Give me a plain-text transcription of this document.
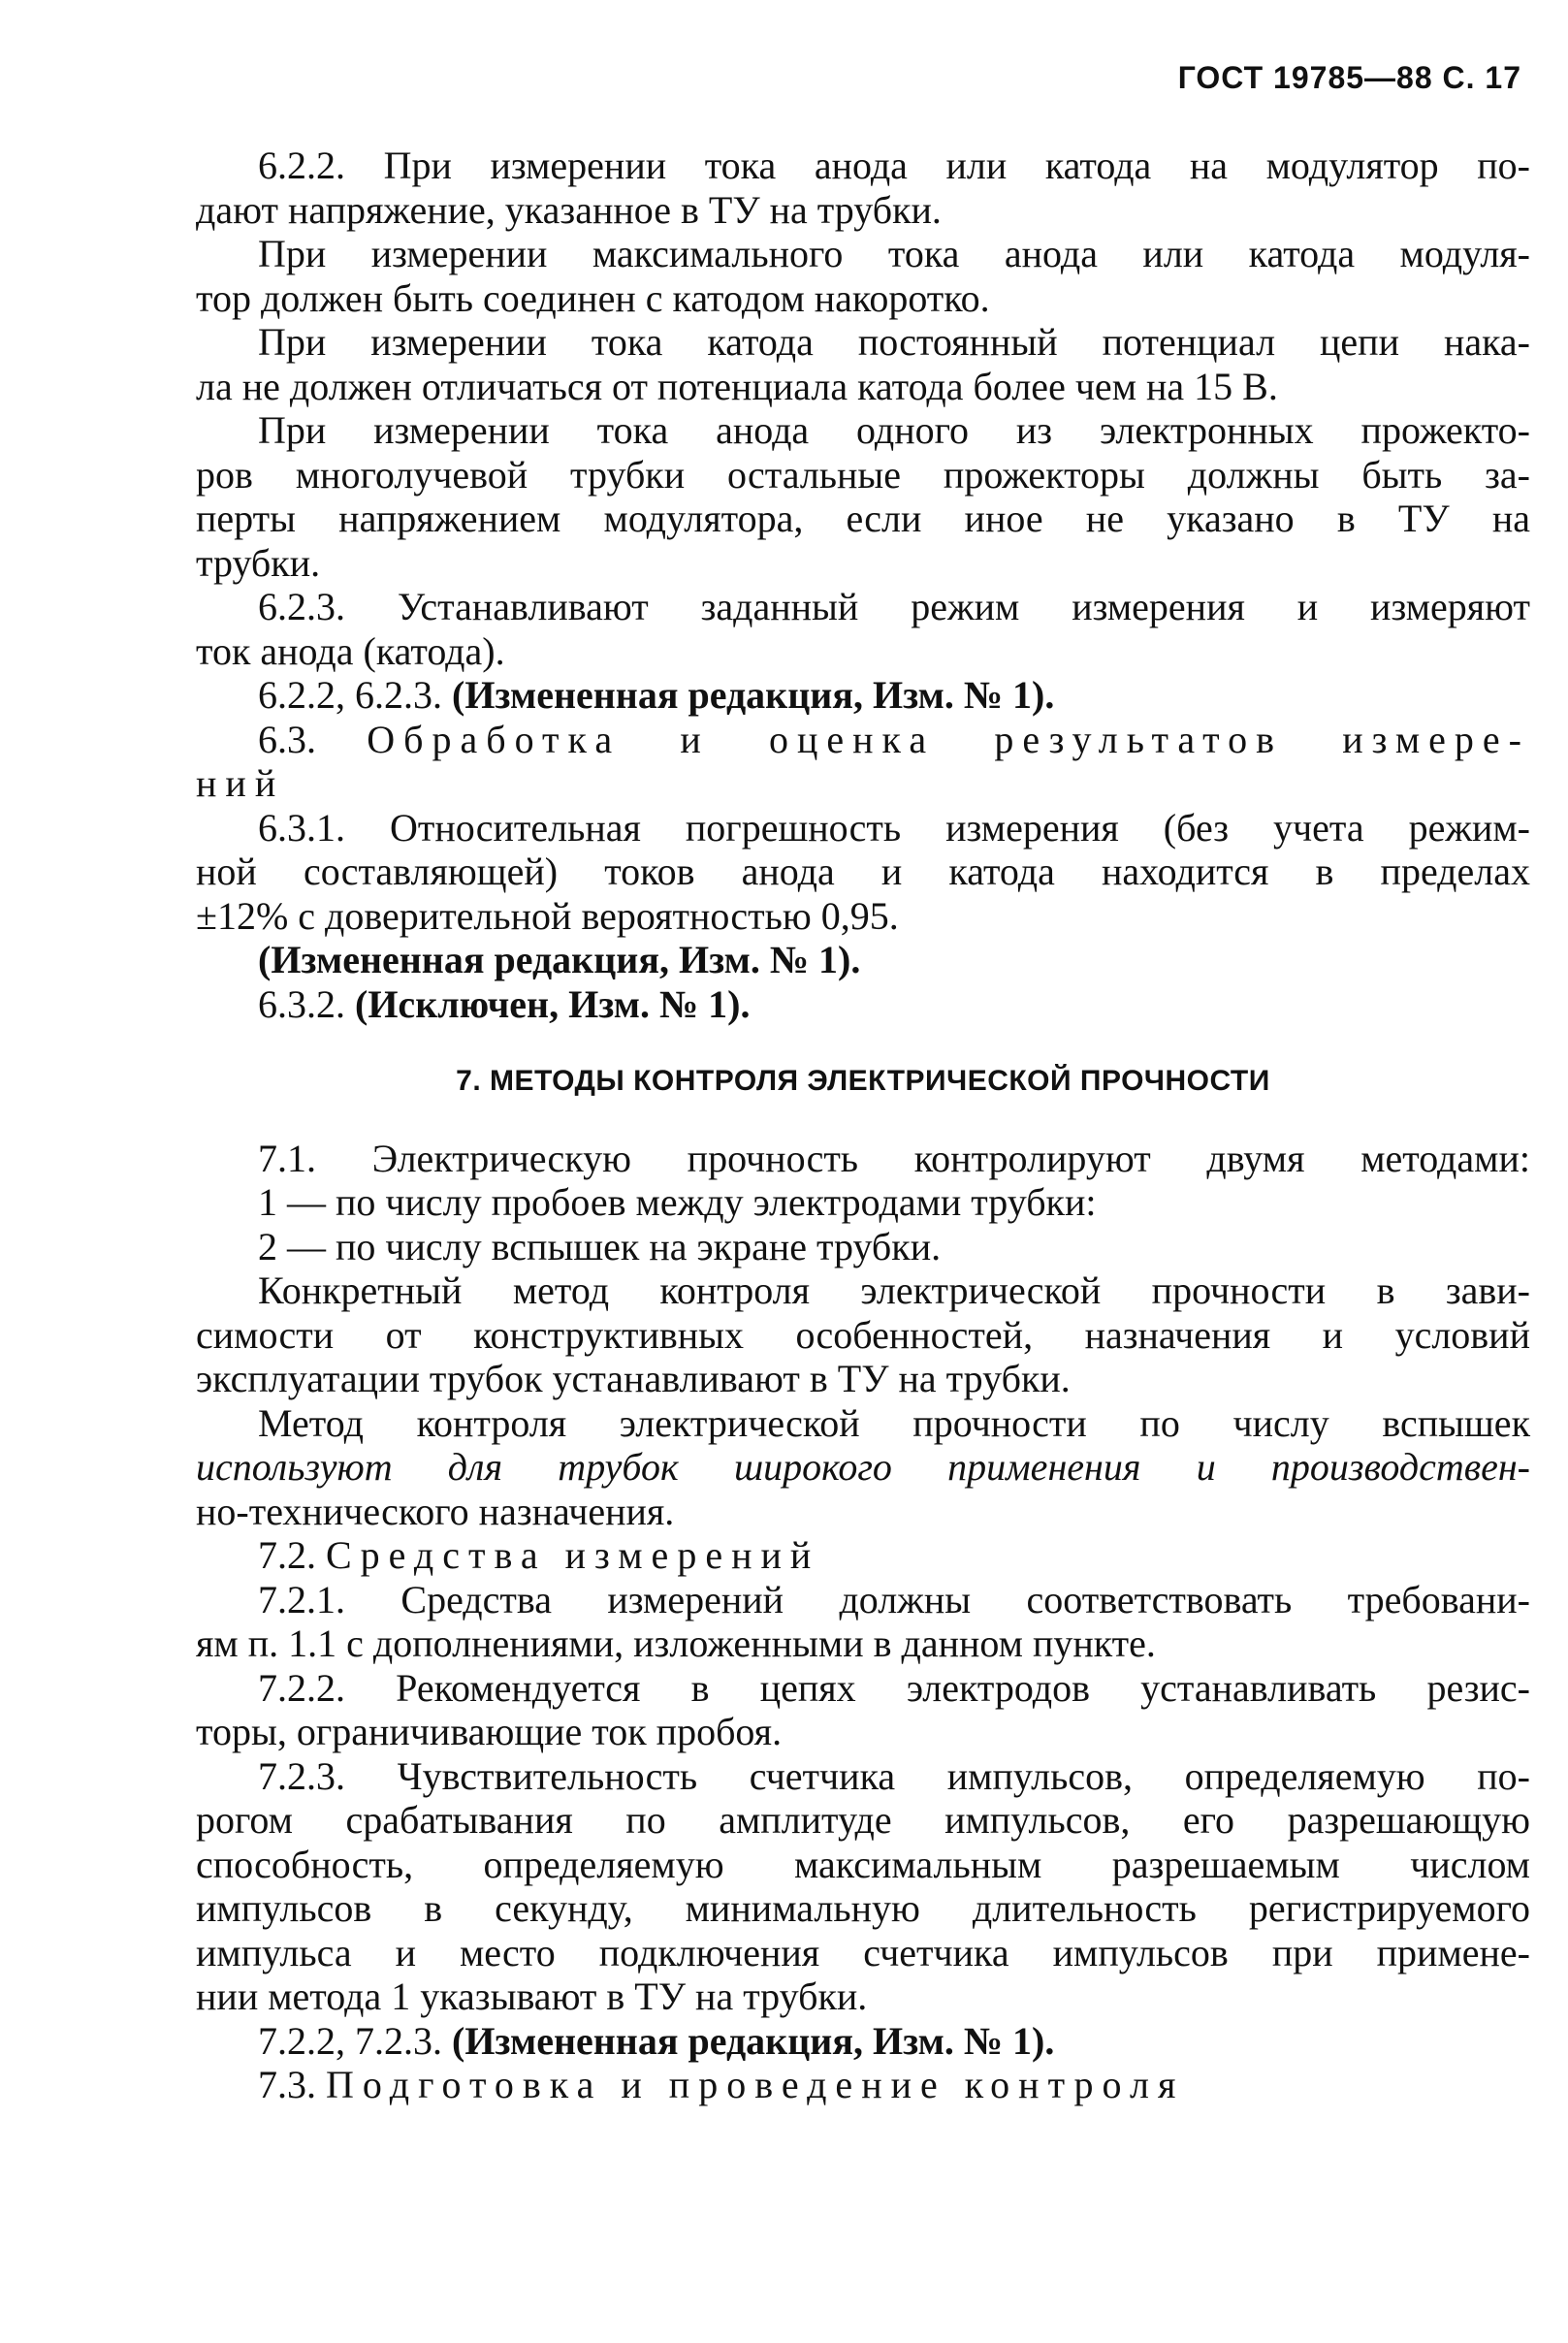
ГОСТ 19785—88 С. 17
6.2.2. При измерении тока анода или катода на модулятор по-
дают напряжение, указанное в ТУ на трубки.
При измерении максимального тока анода или катода модуля-
тор должен быть соединен с катодом накоротко.
При измерении тока катода постоянный потенциал цепи нака-
ла не должен отличаться от потенциала катода более чем на 15 В.
При измерении тока анода одного из электронных прожекто-
ров многолучевой трубки остальные прожекторы должны быть за-
перты напряжением модулятора, если иное не указано в ТУ на
трубки.
6.2.3. Устанавливают заданный режим измерения и измеряют
ток анода (катода).
6.2.2, 6.2.3. (Измененная редакция, Изм. № 1).
6.3. Обработка и оценка результатов измере-
ний
6.3.1. Относительная погрешность измерения (без учета режим-
ной составляющей) токов анода и катода находится в пределах
±12% с доверительной вероятностью 0,95.
(Измененная редакция, Изм. № 1).
6.3.2. (Исключен, Изм. № 1).
7. МЕТОДЫ КОНТРОЛЯ ЭЛЕКТРИЧЕСКОЙ ПРОЧНОСТИ
7.1. Электрическую прочность контролируют двумя методами:
1 — по числу пробоев между электродами трубки:
2 — по числу вспышек на экране трубки.
Конкретный метод контроля электрической прочности в зави-
симости от конструктивных особенностей, назначения и условий
эксплуатации трубок устанавливают в ТУ на трубки.
Метод контроля электрической прочности по числу вспышек
используют для трубок широкого применения и производствен-
но-технического назначения.
7.2. Средства измерений
7.2.1. Средства измерений должны соответствовать требовани-
ям п. 1.1 с дополнениями, изложенными в данном пункте.
7.2.2. Рекомендуется в цепях электродов устанавливать резис-
торы, ограничивающие ток пробоя.
7.2.3. Чувствительность счетчика импульсов, определяемую по-
рогом срабатывания по амплитуде импульсов, его разрешающую
способность, определяемую максимальным разрешаемым числом
импульсов в секунду, минимальную длительность регистрируемого
импульса и место подключения счетчика импульсов при примене-
нии метода 1 указывают в ТУ на трубки.
7.2.2, 7.2.3. (Измененная редакция, Изм. № 1).
7.3. Подготовка и проведение контроля
